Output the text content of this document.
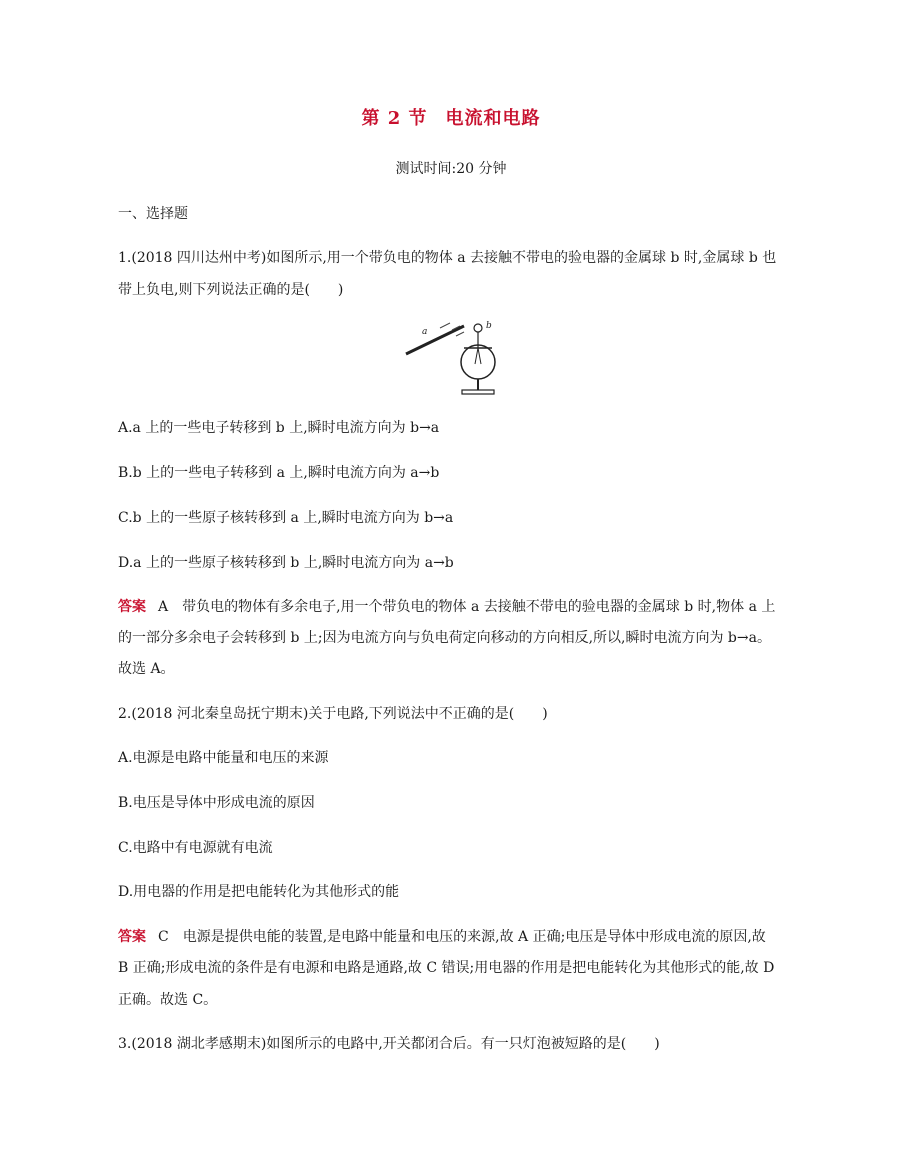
第 2 节 电流和电路
测试时间:20 分钟
一、选择题
1.(2018 四川达州中考)如图所示,用一个带负电的物体 a 去接触不带电的验电器的金属球 b 时,金属球 b 也
带上负电,则下列说法正确的是(　　)
a
b
A.a 上的一些电子转移到 b 上,瞬时电流方向为 b→a
B.b 上的一些电子转移到 a 上,瞬时电流方向为 a→b
C.b 上的一些原子核转移到 a 上,瞬时电流方向为 b→a
D.a 上的一些原子核转移到 b 上,瞬时电流方向为 a→b
答案 A　带负电的物体有多余电子,用一个带负电的物体 a 去接触不带电的验电器的金属球 b 时,物体 a 上
的一部分多余电子会转移到 b 上;因为电流方向与负电荷定向移动的方向相反,所以,瞬时电流方向为 b→a。
故选 A。
2.(2018 河北秦皇岛抚宁期末)关于电路,下列说法中不正确的是(　　)
A.电源是电路中能量和电压的来源
B.电压是导体中形成电流的原因
C.电路中有电源就有电流
D.用电器的作用是把电能转化为其他形式的能
答案 C　电源是提供电能的装置,是电路中能量和电压的来源,故 A 正确;电压是导体中形成电流的原因,故
B 正确;形成电流的条件是有电源和电路是通路,故 C 错误;用电器的作用是把电能转化为其他形式的能,故 D
正确。故选 C。
3.(2018 湖北孝感期末)如图所示的电路中,开关都闭合后。有一只灯泡被短路的是(　　)
